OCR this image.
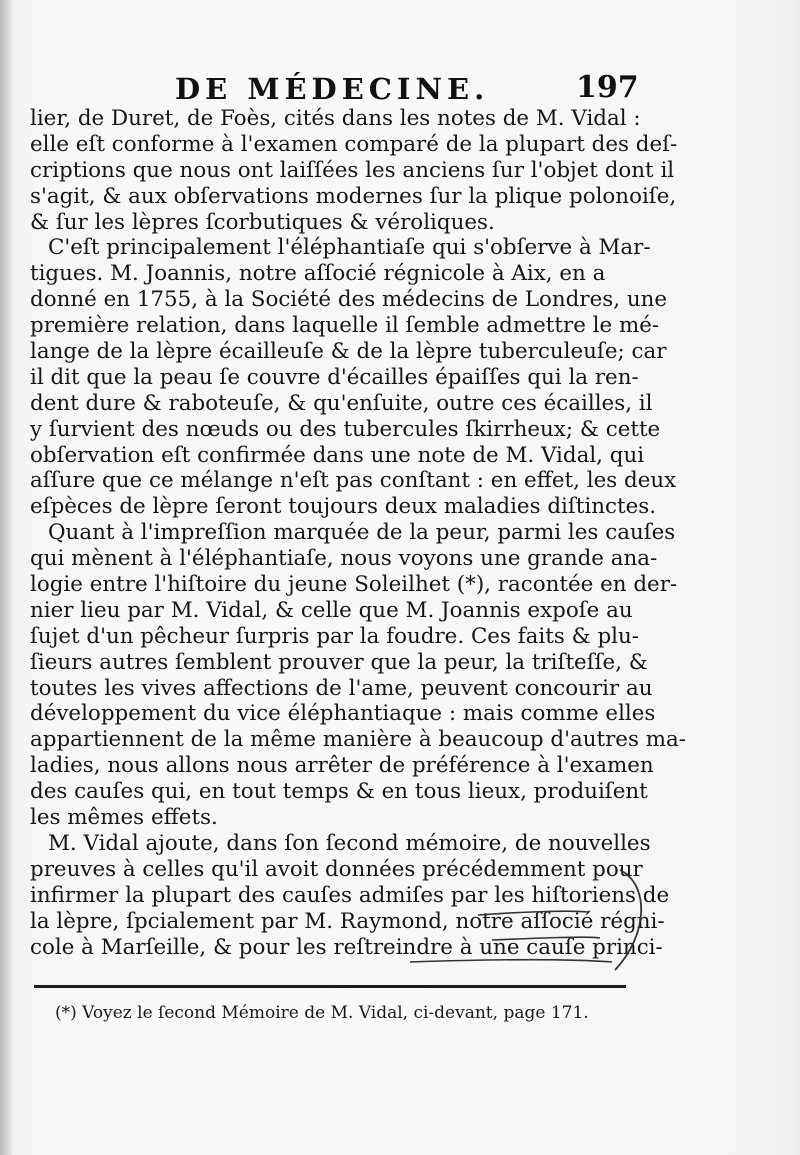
DE MÉDECINE.	197
lier, de Duret, de Foès, cités dans les notes de M. Vidal :
elle eſt conforme à l'examen comparé de la plupart des deſ-
criptions que nous ont laiſſées les anciens ſur l'objet dont il
s'agit, & aux obſervations modernes ſur la plique polonoiſe,
& ſur les lèpres ſcorbutiques & véroliques.
C'eſt principalement l'éléphantiaſe qui s'obſerve à Mar-
tigues. M. Joannis, notre aſſocié régnicole à Aix, en a
donné en 1755, à la Société des médecins de Londres, une
première relation, dans laquelle il ſemble admettre le mé-
lange de la lèpre écailleuſe & de la lèpre tuberculeuſe; car
il dit que la peau ſe couvre d'écailles épaiſſes qui la ren-
dent dure & raboteuſe, & qu'enſuite, outre ces écailles, il
y ſurvient des nœuds ou des tubercules ſkirrheux; & cette
obſervation eſt confirmée dans une note de M. Vidal, qui
aſſure que ce mélange n'eſt pas conſtant : en effet, les deux
eſpèces de lèpre ſeront toujours deux maladies diſtinctes.
Quant à l'impreſſion marquée de la peur, parmi les cauſes
qui mènent à l'éléphantiaſe, nous voyons une grande ana-
logie entre l'hiſtoire du jeune Soleilhet (*), racontée en der-
nier lieu par M. Vidal, & celle que M. Joannis expoſe au
ſujet d'un pêcheur ſurpris par la foudre. Ces faits & plu-
ſieurs autres ſemblent prouver que la peur, la triſteſſe, &
toutes les vives affections de l'ame, peuvent concourir au
développement du vice éléphantiaque : mais comme elles
appartiennent de la même manière à beaucoup d'autres ma-
ladies, nous allons nous arrêter de préférence à l'examen
des cauſes qui, en tout temps & en tous lieux, produiſent
les mêmes effets.
M. Vidal ajoute, dans ſon ſecond mémoire, de nouvelles
preuves à celles qu'il avoit données précédemment pour
infirmer la plupart des cauſes admiſes par les hiſtoriens de
la lèpre, ſpcialement par M. Raymond, notre aſſocié régni-
cole à Marſeille, & pour les reſtreindre à une cauſe princi-
(*) Voyez le ſecond Mémoire de M. Vidal, ci-devant, page 171.
